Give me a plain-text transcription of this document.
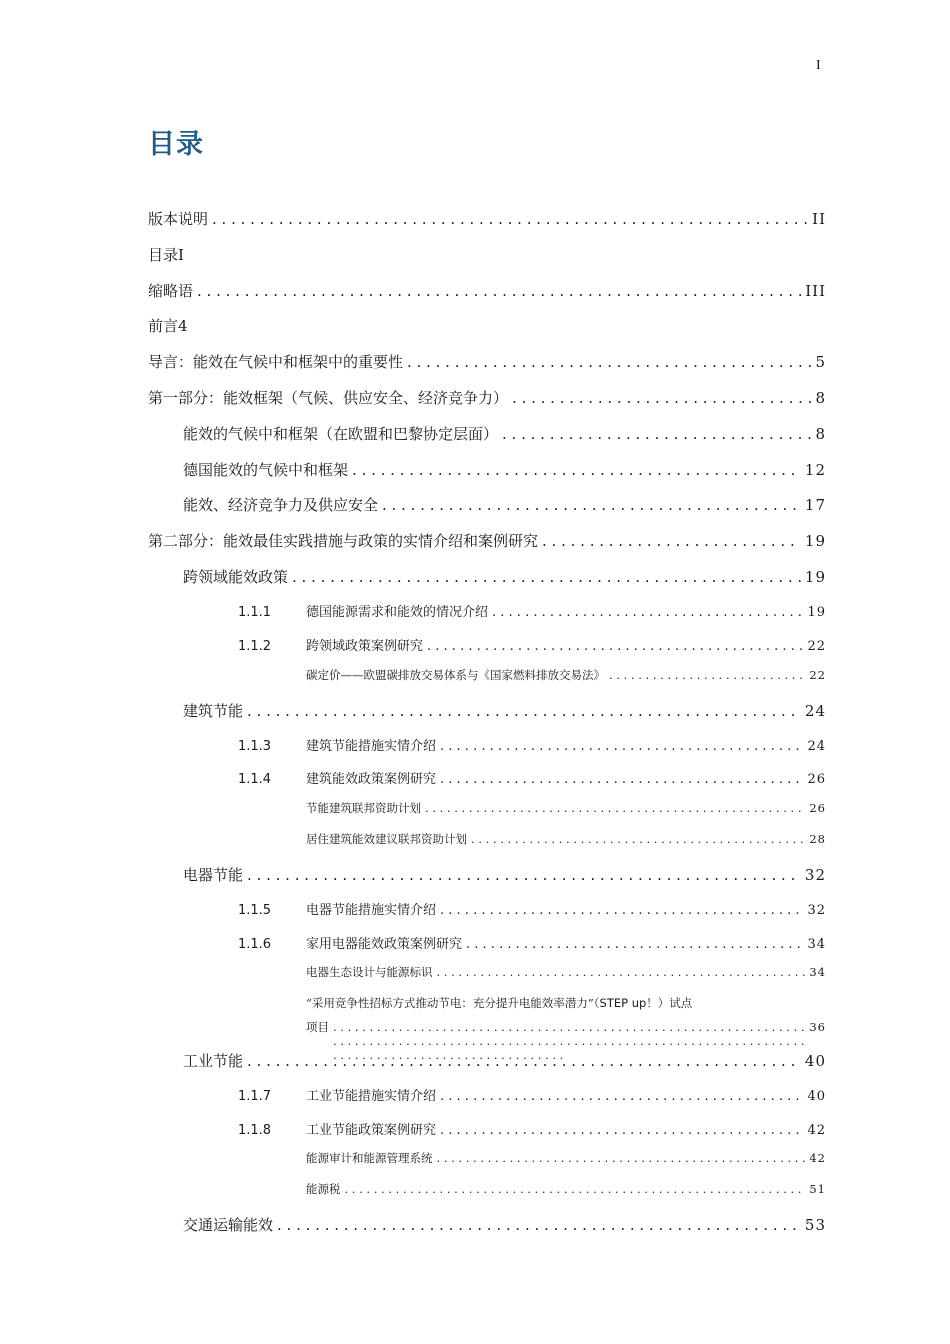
I
目录
版本说明 . . .	II
目录I
缩略语 . . .	III
前言4
导言：能效在气候中和框架中的重要性 . . .	5
第一部分：能效框架（气候、供应安全、经济竞争力） . . .	8
能效的气候中和框架（在欧盟和巴黎协定层面） . . .	8
德国能效的气候中和框架 . . .	12
能效、经济竞争力及供应安全 . . .	17
第二部分：能效最佳实践措施与政策的实情介绍和案例研究 . . .	19
跨领域能效政策 . . .	19
1.1.1	德国能源需求和能效的情况介绍 . . .	19
1.1.2	跨领域政策案例研究 . . .	22
碳定价——欧盟碳排放交易体系与《国家燃料排放交易法》 . . .	22
建筑节能 . . .	24
1.1.3	建筑节能措施实情介绍 . . .	24
1.1.4	建筑能效政策案例研究 . . .	26
节能建筑联邦资助计划 . . .	26
居住建筑能效建议联邦资助计划 . . .	28
电器节能 . . .	32
1.1.5	电器节能措施实情介绍 . . .	32
1.1.6	家用电器能效政策案例研究 . . .	34
电器生态设计与能源标识 . . .	34
“采用竞争性招标方式推动节电：充分提升电能效率潜力”（STEP up！）试点
项目 . . .	36
工业节能 . . .	40
1.1.7	工业节能措施实情介绍 . . .	40
1.1.8	工业节能政策案例研究 . . .	42
能源审计和能源管理系统 . . .	42
能源税 . . .	51
交通运输能效 . . .	53
